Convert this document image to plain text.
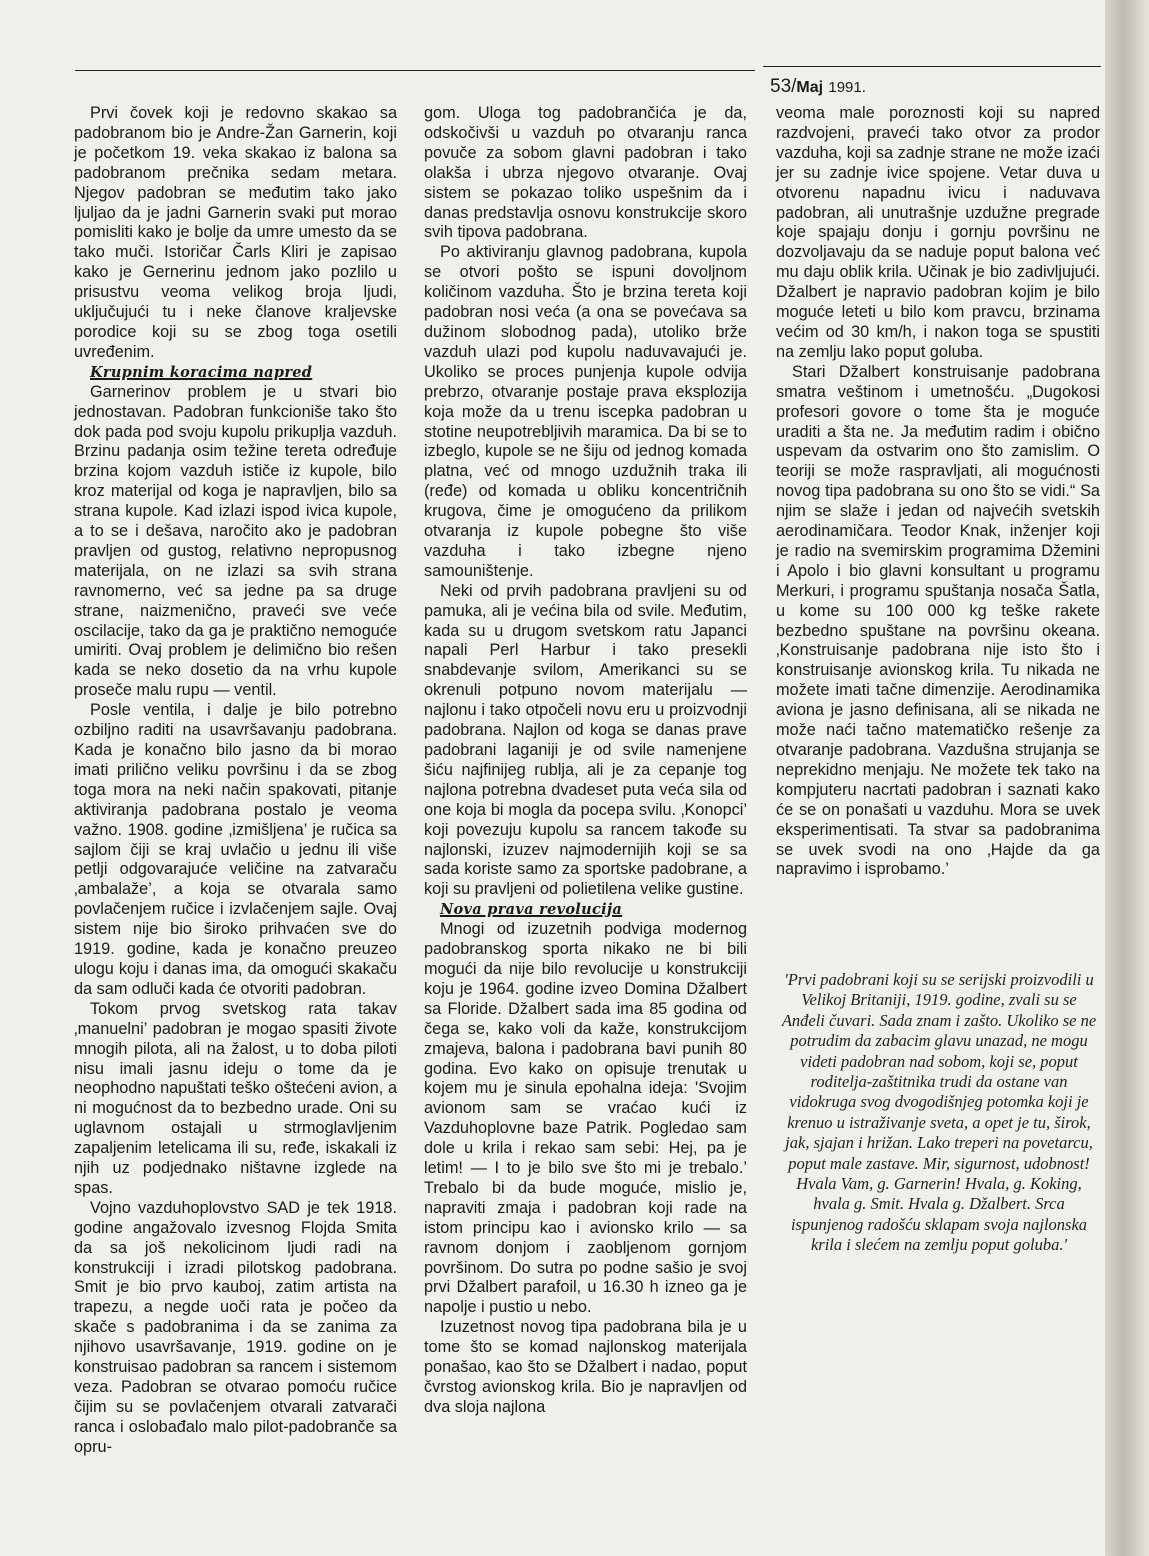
53/Maj 1991.

Prvi čovek koji je redovno skakao sa padobranom bio je Andre-Žan Garnerin, koji je početkom 19. veka skakao iz balona sa padobranom prečnika sedam metara. Njegov padobran se međutim tako jako ljuljao da je jadni Garnerin svaki put morao pomisliti kako je bolje da umre umesto da se tako muči. Istoričar Čarls Kliri je zapisao kako je Gernerinu jednom jako pozlilo u prisustvu veoma velikog broja ljudi, uključujući tu i neke članove kraljevske porodice koji su se zbog toga osetili uvređenim.

Krupnim koracima napred

Garnerinov problem je u stvari bio jednostavan. Padobran funkcioniše tako što dok pada pod svoju kupolu prikuplja vazduh. Brzinu padanja osim težine tereta određuje brzina kojom vazduh ističe iz kupole, bilo kroz materijal od koga je napravljen, bilo sa strana kupole. Kad izlazi ispod ivica kupole, a to se i dešava, naročito ako je padobran pravljen od gustog, relativno nepropusnog materijala, on ne izlazi sa svih strana ravnomerno, već sa jedne pa sa druge strane, naizmenično, praveći sve veće oscilacije, tako da ga je praktično nemoguće umiriti. Ovaj problem je delimično bio rešen kada se neko dosetio da na vrhu kupole proseče malu rupu — ventil.

Posle ventila, i dalje je bilo potrebno ozbiljno raditi na usavršavanju padobrana. Kada je konačno bilo jasno da bi morao imati prilično veliku površinu i da se zbog toga mora na neki način spakovati, pitanje aktiviranja padobrana postalo je veoma važno. 1908. godine ‚izmišljena’ je ručica sa sajlom čiji se kraj uvlačio u jednu ili više petlji odgovarajuće veličine na zatvaraču ‚ambalaže’, a koja se otvarala samo povlačenjem ručice i izvlačenjem sajle. Ovaj sistem nije bio široko prihvaćen sve do 1919. godine, kada je konačno preuzeo ulogu koju i danas ima, da omogući skakaču da sam odluči kada će otvoriti padobran.

Tokom prvog svetskog rata takav ‚manuelni’ padobran je mogao spasiti živote mnogih pilota, ali na žalost, u to doba piloti nisu imali jasnu ideju o tome da je neophodno napuštati teško oštećeni avion, a ni mogućnost da to bezbedno urade. Oni su uglavnom ostajali u strmoglavljenim zapaljenim letelicama ili su, ređe, iskakali iz njih uz podjednako ništavne izglede na spas.

Vojno vazduhoplovstvo SAD je tek 1918. godine angažovalo izvesnog Flojda Smita da sa još nekolicinom ljudi radi na konstrukciji i izradi pilotskog padobrana. Smit je bio prvo kauboj, zatim artista na trapezu, a negde uoči rata je počeo da skače s padobranima i da se zanima za njihovo usavršavanje, 1919. godine on je konstruisao padobran sa rancem i sistemom veza. Padobran se otvarao pomoću ručice čijim su se povlačenjem otvarali zatvarači ranca i oslobađalo malo pilot-padobranče sa opru-

gom. Uloga tog padobrančića je da, odskočivši u vazduh po otvaranju ranca povuče za sobom glavni padobran i tako olakša i ubrza njegovo otvaranje. Ovaj sistem se pokazao toliko uspešnim da i danas predstavlja osnovu konstrukcije skoro svih tipova padobrana.

Po aktiviranju glavnog padobrana, kupola se otvori pošto se ispuni dovoljnom količinom vazduha. Što je brzina tereta koji padobran nosi veća (a ona se povećava sa dužinom slobodnog pada), utoliko brže vazduh ulazi pod kupolu naduvavajući je. Ukoliko se proces punjenja kupole odvija prebrzo, otvaranje postaje prava eksplozija koja može da u trenu iscepka padobran u stotine neupotrebljivih maramica. Da bi se to izbeglo, kupole se ne šiju od jednog komada platna, već od mnogo uzdužnih traka ili (ređe) od komada u obliku koncentričnih krugova, čime je omogućeno da prilikom otvaranja iz kupole pobegne što više vazduha i tako izbegne njeno samouništenje.

Neki od prvih padobrana pravljeni su od pamuka, ali je većina bila od svile. Međutim, kada su u drugom svetskom ratu Japanci napali Perl Harbur i tako presekli snabdevanje svilom, Amerikanci su se okrenuli potpuno novom materijalu — najlonu i tako otpočeli novu eru u proizvodnji padobrana. Najlon od koga se danas prave padobrani laganiji je od svile namenjene šiću najfinijeg rublja, ali je za cepanje tog najlona potrebna dvadeset puta veća sila od one koja bi mogla da pocepa svilu. ‚Konopci’ koji povezuju kupolu sa rancem takođe su najlonski, izuzev najmodernijih koji se sa sada koriste samo za sportske padobrane, a koji su pravljeni od polietilena velike gustine.

Nova prava revolucija

Mnogi od izuzetnih podviga modernog padobranskog sporta nikako ne bi bili mogući da nije bilo revolucije u konstrukciji koju je 1964. godine izveo Domina Džalbert sa Floride. Džalbert sada ima 85 godina od čega se, kako voli da kaže, konstrukcijom zmajeva, balona i padobrana bavi punih 80 godina. Evo kako on opisuje trenutak u kojem mu je sinula epohalna ideja: 'Svojim avionom sam se vraćao kući iz Vazduhoplovne baze Patrik. Pogledao sam dole u krila i rekao sam sebi: Hej, pa je letim! — I to je bilo sve što mi je trebalo.’ Trebalo bi da bude moguće, mislio je, napraviti zmaja i padobran koji rade na istom principu kao i avionsko krilo — sa ravnom donjom i zaobljenom gornjom površinom. Do sutra po podne sašio je svoj prvi Džalbert parafoil, u 16.30 h izneo ga je napolje i pustio u nebo.

Izuzetnost novog tipa padobrana bila je u tome što se komad najlonskog materijala ponašao, kao što se Džalbert i nadao, poput čvrstog avionskog krila. Bio je napravljen od dva sloja najlona

veoma male poroznosti koji su napred razdvojeni, praveći tako otvor za prodor vazduha, koji sa zadnje strane ne može izaći jer su zadnje ivice spojene. Vetar duva u otvorenu napadnu ivicu i naduvava padobran, ali unutrašnje uzdužne pregrade koje spajaju donju i gornju površinu ne dozvoljavaju da se naduje poput balona već mu daju oblik krila. Učinak je bio zadivljujući. Džalbert je napravio padobran kojim je bilo moguće leteti u bilo kom pravcu, brzinama većim od 30 km/h, i nakon toga se spustiti na zemlju lako poput goluba.

Stari Džalbert konstruisanje padobrana smatra veštinom i umetnošću. „Dugokosi profesori govore o tome šta je moguće uraditi a šta ne. Ja međutim radim i obično uspevam da ostvarim ono što zamislim. O teoriji se može raspravljati, ali mogućnosti novog tipa padobrana su ono što se vidi.“ Sa njim se slaže i jedan od najvećih svetskih aerodinamičara. Teodor Knak, inženjer koji je radio na svemirskim programima Džemini i Apolo i bio glavni konsultant u programu Merkuri, i programu spuštanja nosača Šatla, u kome su 100 000 kg teške rakete bezbedno spuštane na površinu okeana. ‚Konstruisanje padobrana nije isto što i konstruisanje avionskog krila. Tu nikada ne možete imati tačne dimenzije. Aerodinamika aviona je jasno definisana, ali se nikada ne može naći tačno matematičko rešenje za otvaranje padobrana. Vazdušna strujanja se neprekidno menjaju. Ne možete tek tako na kompjuteru nacrtati padobran i saznati kako će se on ponašati u vazduhu. Mora se uvek eksperimentisati. Ta stvar sa padobranima se uvek svodi na ono ‚Hajde da ga napravimo i isprobamo.’

'Prvi padobrani koji su se serijski proizvodili u Velikoj Britaniji, 1919. godine, zvali su se Anđeli čuvari. Sada znam i zašto. Ukoliko se ne potrudim da zabacim glavu unazad, ne mogu videti padobran nad sobom, koji se, poput roditelja-zaštitnika trudi da ostane van vidokruga svog dvogodišnjeg potomka koji je krenuo u istraživanje sveta, a opet je tu, širok, jak, sjajan i hrižan. Lako treperi na povetarcu, poput male zastave. Mir, sigurnost, udobnost! Hvala Vam, g. Garnerin! Hvala, g. Koking, hvala g. Smit. Hvala g. Džalbert. Srca ispunjenog radošću sklapam svoja najlonska krila i slećem na zemlju poput goluba.'
